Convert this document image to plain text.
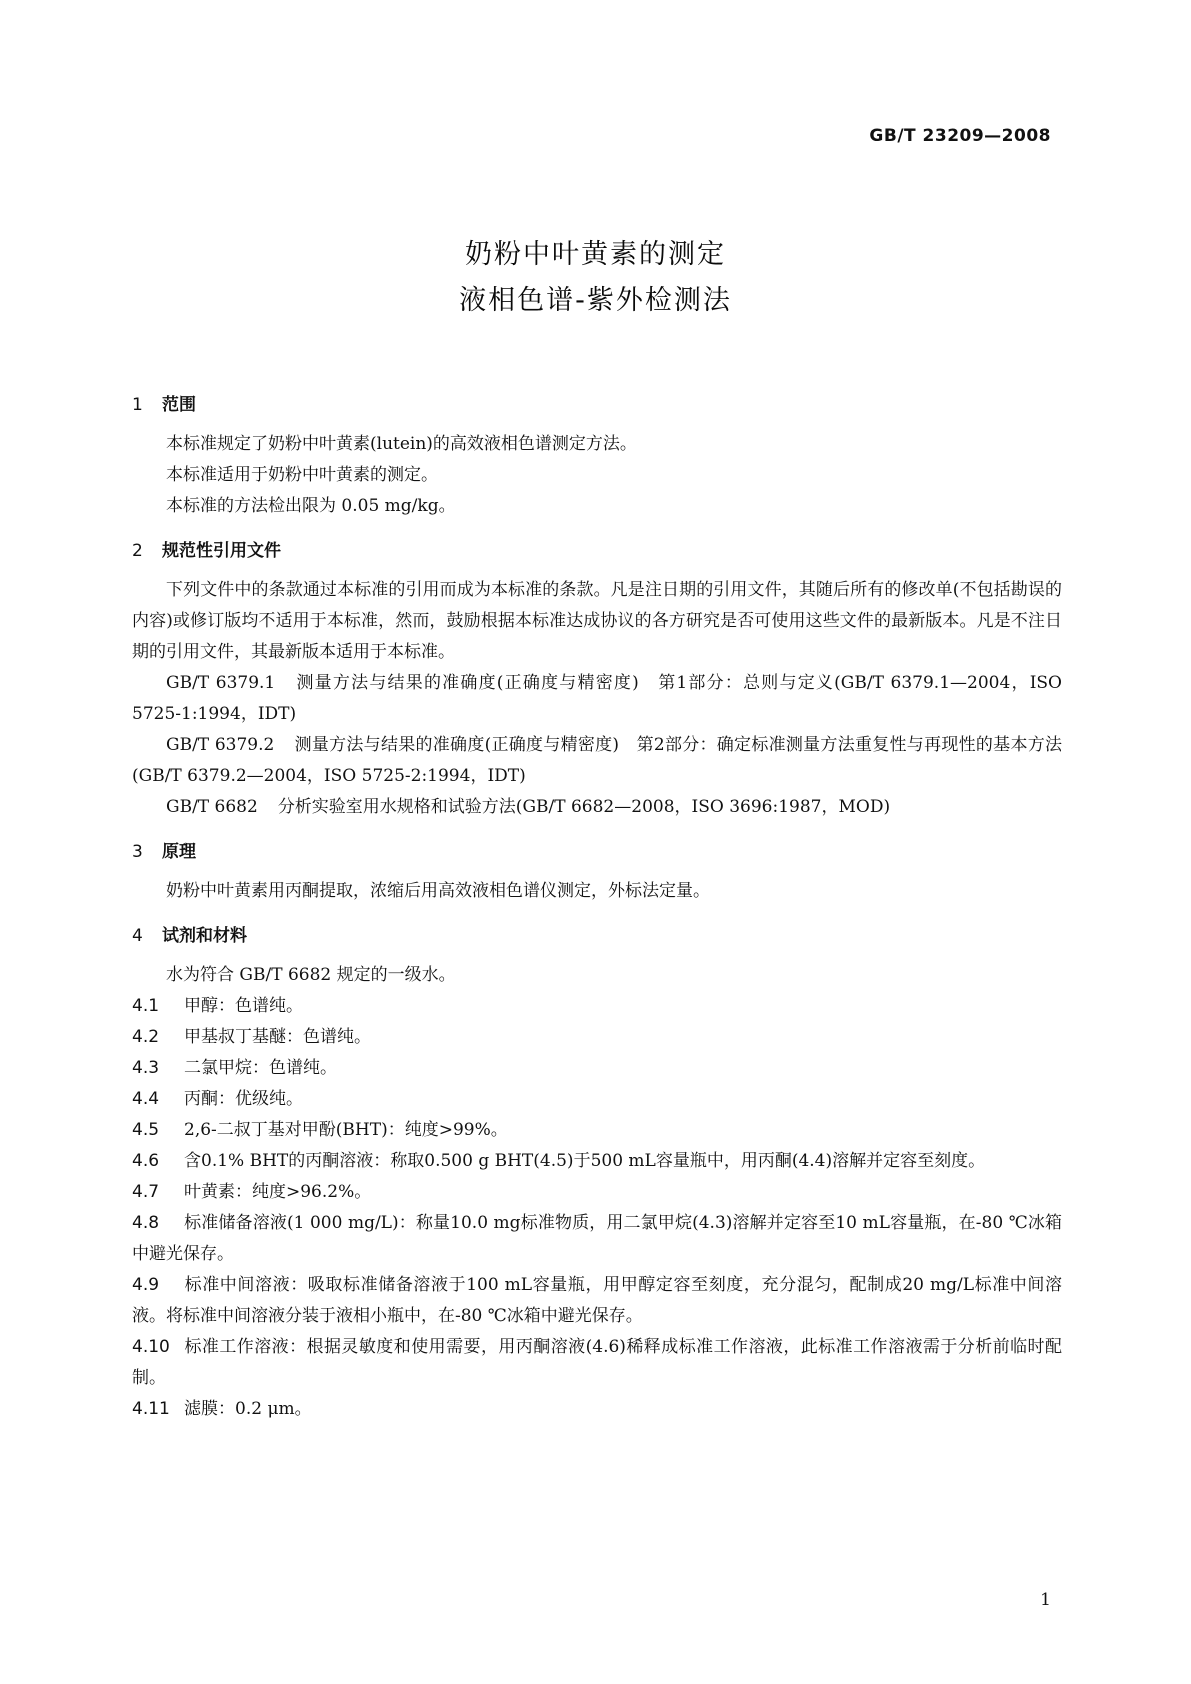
GB/T 23209—2008
奶粉中叶黄素的测定
液相色谱-紫外检测法

1 范围

本标准规定了奶粉中叶黄素(lutein)的高效液相色谱测定方法。

本标准适用于奶粉中叶黄素的测定。

本标准的方法检出限为 0.05 mg/kg。

2 规范性引用文件

下列文件中的条款通过本标准的引用而成为本标准的条款。凡是注日期的引用文件，其随后所有的修改单(不包括勘误的内容)或修订版均不适用于本标准，然而，鼓励根据本标准达成协议的各方研究是否可使用这些文件的最新版本。凡是不注日期的引用文件，其最新版本适用于本标准。

GB/T 6379.1 测量方法与结果的准确度(正确度与精密度)　第1部分：总则与定义(GB/T 6379.1—2004，ISO 5725-1:1994，IDT)

GB/T 6379.2 测量方法与结果的准确度(正确度与精密度)　第2部分：确定标准测量方法重复性与再现性的基本方法(GB/T 6379.2—2004，ISO 5725-2:1994，IDT)

GB/T 6682 分析实验室用水规格和试验方法(GB/T 6682—2008，ISO 3696:1987，MOD)

3 原理

奶粉中叶黄素用丙酮提取，浓缩后用高效液相色谱仪测定，外标法定量。

4 试剂和材料

水为符合 GB/T 6682 规定的一级水。

4.1 甲醇：色谱纯。

4.2 甲基叔丁基醚：色谱纯。

4.3 二氯甲烷：色谱纯。

4.4 丙酮：优级纯。

4.5 2,6-二叔丁基对甲酚(BHT)：纯度>99%。

4.6 含0.1% BHT的丙酮溶液：称取0.500 g BHT(4.5)于500 mL容量瓶中，用丙酮(4.4)溶解并定容至刻度。

4.7 叶黄素：纯度>96.2%。

4.8 标准储备溶液(1 000 mg/L)：称量10.0 mg标准物质，用二氯甲烷(4.3)溶解并定容至10 mL容量瓶，在-80 ℃冰箱中避光保存。

4.9 标准中间溶液：吸取标准储备溶液于100 mL容量瓶，用甲醇定容至刻度，充分混匀，配制成20 mg/L标准中间溶液。将标准中间溶液分装于液相小瓶中，在-80 ℃冰箱中避光保存。

4.10 标准工作溶液：根据灵敏度和使用需要，用丙酮溶液(4.6)稀释成标准工作溶液，此标准工作溶液需于分析前临时配制。

4.11 滤膜：0.2 μm。

1
